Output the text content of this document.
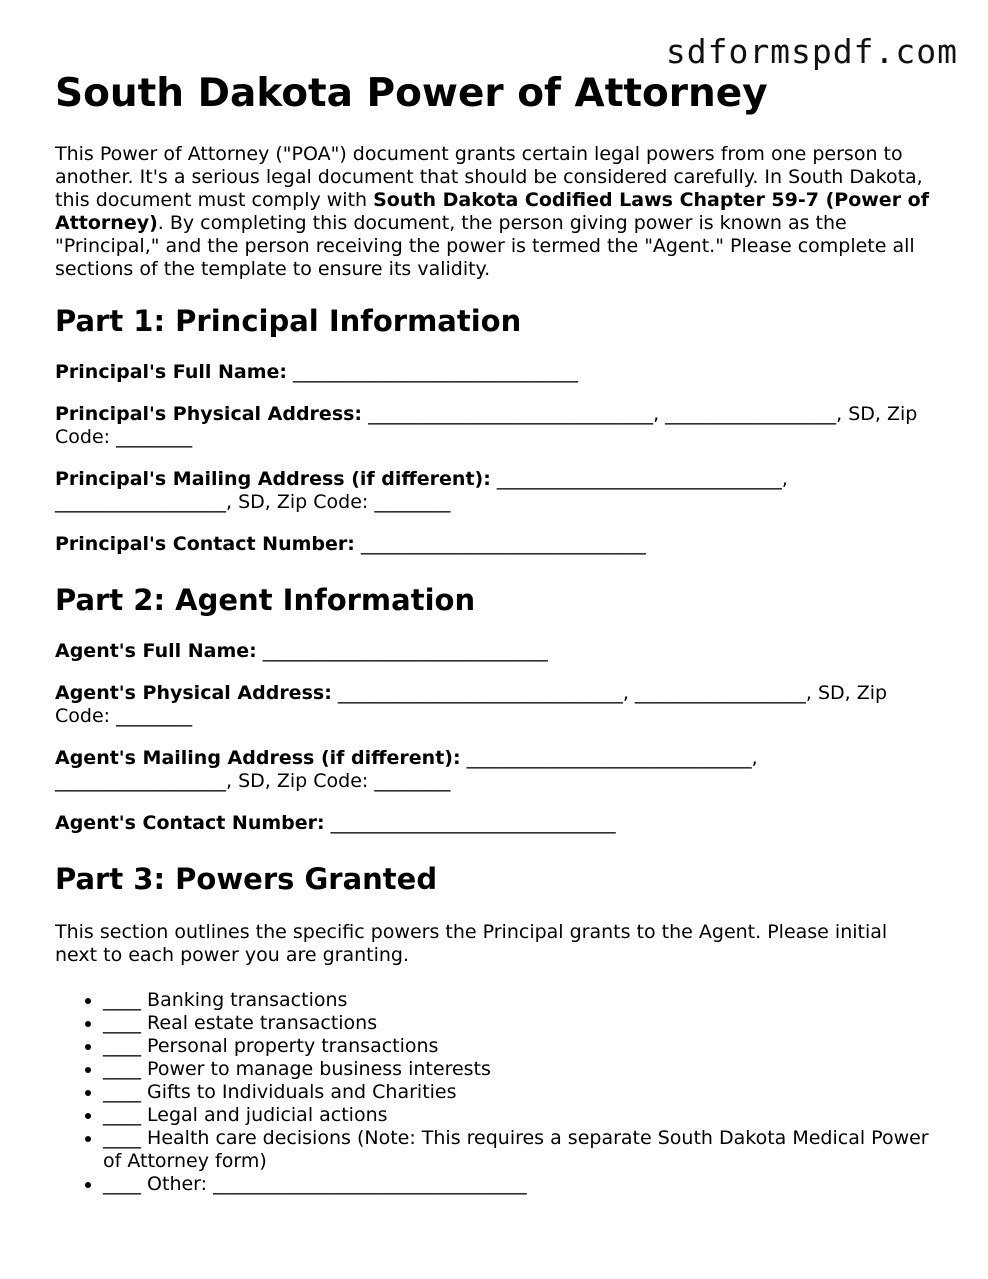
sdformspdf.com
South Dakota Power of Attorney

This Power of Attorney ("POA") document grants certain legal powers from one person to another. It's a serious legal document that should be considered carefully. In South Dakota, this document must comply with South Dakota Codified Laws Chapter 59-7 (Power of Attorney). By completing this document, the person giving power is known as the "Principal," and the person receiving the power is termed the "Agent." Please complete all sections of the template to ensure its validity.

Part 1: Principal Information

Principal's Full Name: ______________________________

Principal's Physical Address: ______________________________, __________________, SD, Zip Code: ________

Principal's Mailing Address (if different): ______________________________, __________________, SD, Zip Code: ________

Principal's Contact Number: ______________________________

Part 2: Agent Information

Agent's Full Name: ______________________________

Agent's Physical Address: ______________________________, __________________, SD, Zip Code: ________

Agent's Mailing Address (if different): ______________________________, __________________, SD, Zip Code: ________

Agent's Contact Number: ______________________________

Part 3: Powers Granted

This section outlines the specific powers the Principal grants to the Agent. Please initial next to each power you are granting.

• ____ Banking transactions
• ____ Real estate transactions
• ____ Personal property transactions
• ____ Power to manage business interests
• ____ Gifts to Individuals and Charities
• ____ Legal and judicial actions
• ____ Health care decisions (Note: This requires a separate South Dakota Medical Power of Attorney form)
• ____ Other: _________________________________
